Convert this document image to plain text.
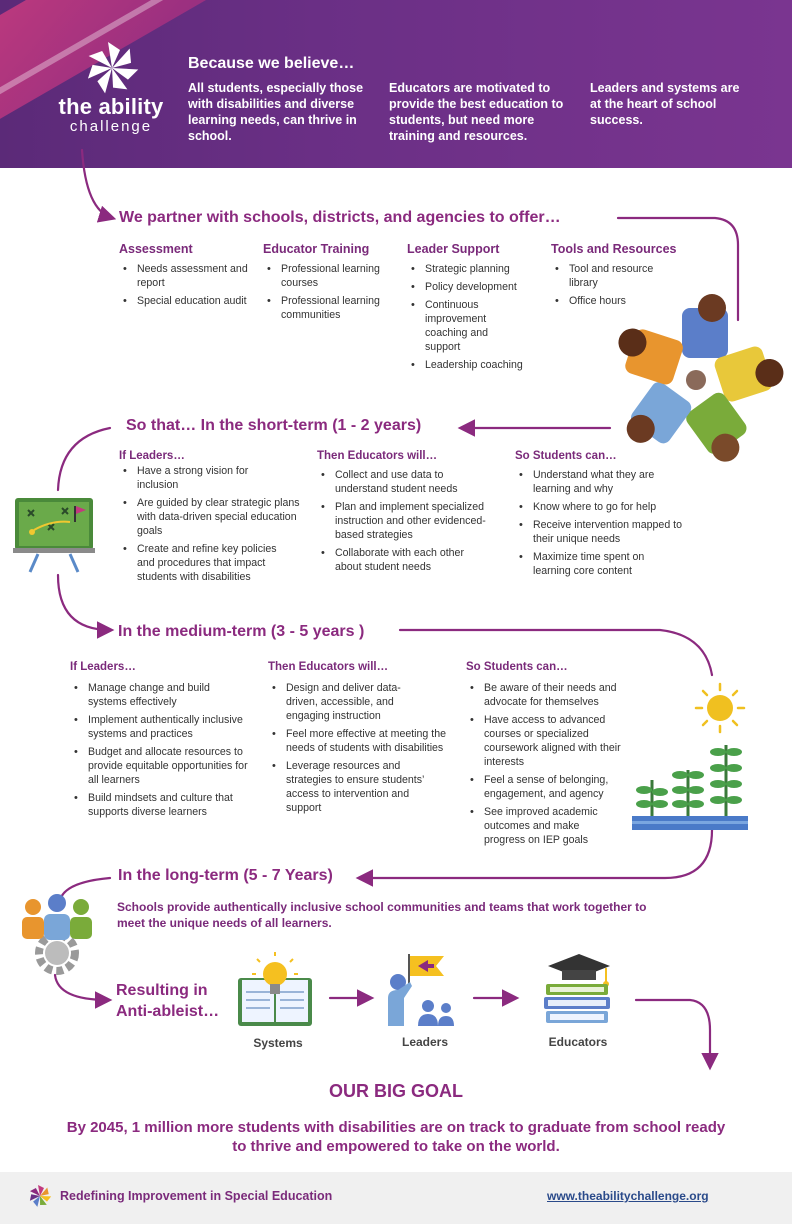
the ability
challenge
Because we believe…
All students, especially those with disabilities and diverse learning needs, can thrive in school.
Educators are motivated to provide the best education to students, but need more training and resources.
Leaders and systems are at the heart of school success.
We partner with schools, districts, and agencies to offer…
Assessment
• Needs assessment and report
• Special education audit
Educator Training
• Professional learning courses
• Professional learning communities
Leader Support
• Strategic planning
• Policy development
• Continuous improvement coaching and support
• Leadership coaching
Tools and Resources
• Tool and resource library
• Office hours
So that… In the short-term (1 - 2 years)
If Leaders…
• Have a strong vision for inclusion
• Are guided by clear strategic plans with data-driven special education goals
• Create and refine key policies and procedures that impact students with disabilities
Then Educators will…
• Collect and use data to understand student needs
• Plan and implement specialized instruction and other evidenced-based strategies
• Collaborate with each other about student needs
So Students can…
• Understand what they are learning and why
• Know where to go for help
• Receive intervention mapped to their unique needs
• Maximize time spent on learning core content
In the medium-term (3 - 5 years )
If Leaders…
• Manage change and build systems effectively
• Implement authentically inclusive systems and practices
• Budget and allocate resources to provide equitable opportunities for all learners
• Build mindsets and culture that supports diverse learners
Then Educators will…
• Design and deliver data-driven, accessible, and engaging instruction
• Feel more effective at meeting the needs of students with disabilities
• Leverage resources and strategies to ensure students’ access to intervention and support
So Students can…
• Be aware of their needs and advocate for themselves
• Have access to advanced courses or specialized coursework aligned with their interests
• Feel a sense of belonging, engagement, and agency
• See improved academic outcomes and make progress on IEP goals
In the long-term (5 - 7 Years)
Schools provide authentically inclusive school communities and teams that work together to meet the unique needs of all learners.
Resulting in
Anti-ableist…
Systems	Leaders	Educators
OUR BIG GOAL
By 2045, 1 million more students with disabilities are on track to graduate from school ready to thrive and empowered to take on the world.
Redefining Improvement in Special Education	www.theabilitychallenge.org
